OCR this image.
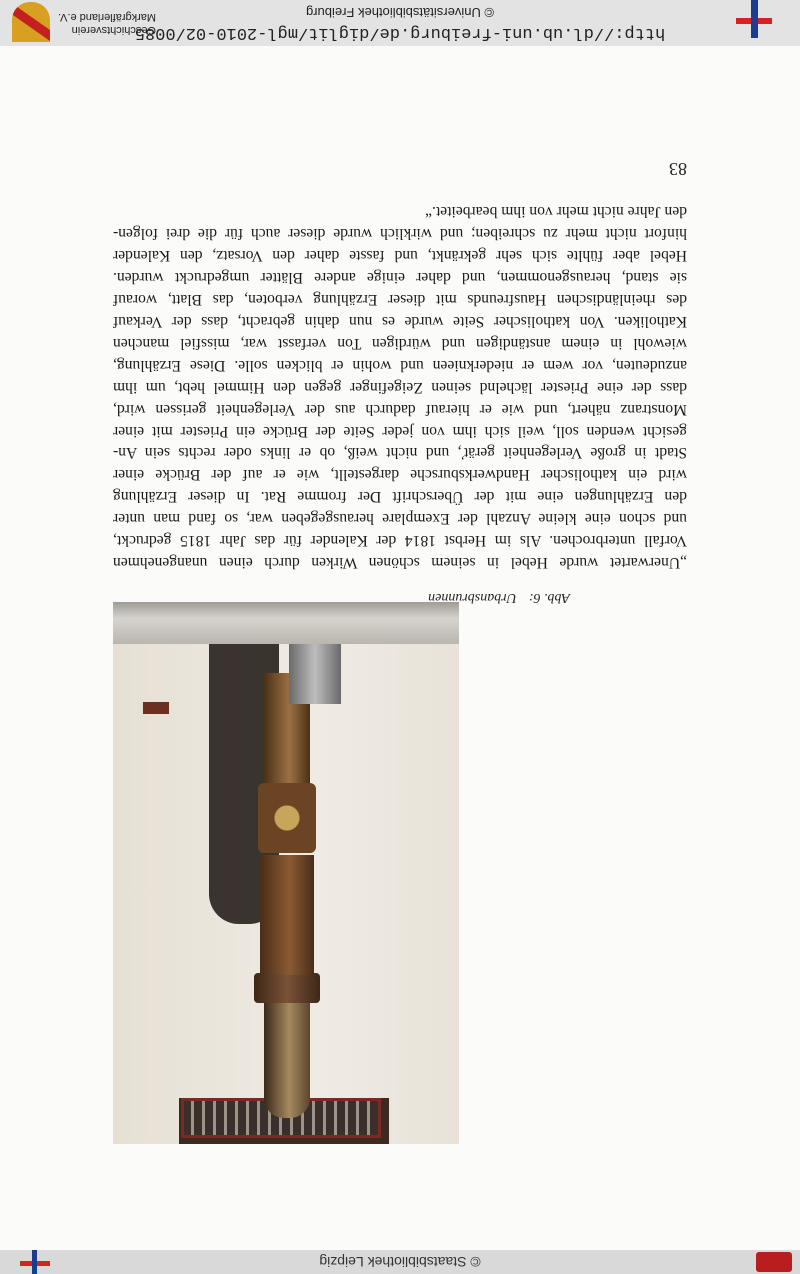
© Staatsbibliothek Leipzig
Abb. 6:Urbansbrunnen
„Unerwartet wurde Hebel in seinem schönen Wirken durch einen unangenehmen
Vorfall unterbrochen. Als im Herbst 1814 der Kalender für das Jahr 1815 gedruckt,
und schon eine kleine Anzahl der Exemplare herausgegeben war, so fand man unter
den Erzählungen eine mit der Überschrift Der fromme Rat. In dieser Erzählung
wird ein katholischer Handwerksbursche dargestellt, wie er auf der Brücke einer
Stadt in große Verlegenheit geräť, und nicht weiß, ob er links oder rechts sein An-
gesicht wenden soll, weil sich ihm von jeder Seite der Brücke ein Priester mit einer
Monstranz nähert, und wie er hierauf dadurch aus der Verlegenheit gerissen wird,
dass der eine Priester lächelnd seinen Zeigefinger gegen den Himmel hebt, um ihm
anzudeuten, vor wem er niederknieen und wohin er blicken solle. Diese Erzählung,
wiewohl in einem anständigen und würdigen Ton verfasst war, missfiel manchen
Katholiken. Von katholischer Seite wurde es nun dahin gebracht, dass der Verkauf
des rheinländischen Hausfreunds mit dieser Erzählung verboten, das Blatt, worauf
sie stand, herausgenommen, und daher einige andere Blätter umgedruckt wurden.
Hebel aber fühlte sich sehr gekränkt, und fasste daher den Vorsatz, den Kalender
hinfort nicht mehr zu schreiben; und wirklich wurde dieser auch für die drei folgen-
den Jahre nicht mehr von ihm bearbeitet.“
83
http://dl.ub.uni-freiburg.de/diglit/mgl-2010-02/0085
© Universitätsbibliothek Freiburg
Geschichtsverein
Markgräflerland e.V.
